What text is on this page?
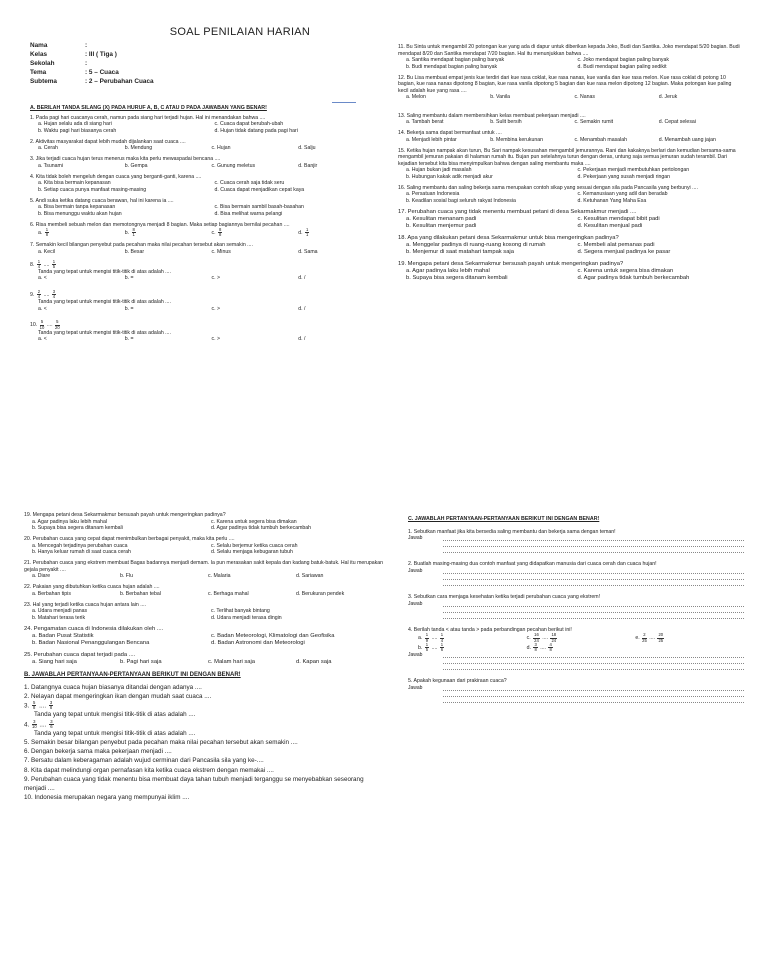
SOAL PENILAIAN HARIAN
Nama	:
Kelas	: III ( Tiga )
Sekolah	:
Tema	: 5 – Cuaca
Subtema	: 2 – Perubahan Cuaca
A. BERILAH TANDA SILANG (X) PADA HURUF A, B, C ATAU D PADA JAWABAN YANG BENAR!
1. Pada pagi hari cuacanya cerah, namun pada siang hari terjadi hujan. Hal ini menandakan bahwa ....
a. Hujan selalu ada di siang hari	c. Cuaca dapat berubah-ubah
b. Waktu pagi hari biasanya cerah	d. Hujan tidak datang pada pagi hari
2. Aktivitas masyarakat dapat lebih mudah dijalankan saat cuaca ....
a. Cerah	b. Mendung	c. Hujan	d. Salju
3. Jika terjadi cuaca hujan terus menerus maka kita perlu mewaspadai bencana ....
a. Tsunami	b. Gempa	c. Gunung meletus	d. Banjir
4. Kita tidak boleh mengeluh dengan cuaca yang berganti-ganti, karena ....
a. Kita bisa bermain kepanasan	c. Cuaca cerah saja tidak seru
b. Setiap cuaca punya manfaat masing-masing	d. Cuaca dapat menjadikan cepat kaya
5. Andi suka ketika datang cuaca berawan, hal ini karena ia ....
a. Bisa bermain tanpa kepanasan	c. Bisa bermain sambil basah-basahan
b. Bisa menunggu waktu akan hujan	d. Bisa melihat warna pelangi
6. Risa membeli sebuah melon dan memotongnya menjadi 8 bagian. Maka setiap bagiannya bernilai pecahan ....
a. $\frac{1}{8}$	b. $\frac{8}{1}$	c. $\frac{8}{8}$	d. $\frac{1}{1}$
7. Semakin kecil bilangan penyebut pada pecahan maka nilai pecahan tersebut akan semakin ....
a. Kecil	b. Besar	c. Minus	d. Sama
8. $\frac{1}{4}$ .... $\frac{1}{5}$
Tanda yang tepat untuk mengisi titik-titik di atas adalah ....
a. <	b. =	c. >	d. /
9. $\frac{2}{4}$ .... $\frac{3}{4}$
Tanda yang tepat untuk mengisi titik-titik di atas adalah ....
a. <	b. =	c. >	d. /
10. $\frac{5}{10}$ .... $\frac{5}{20}$
Tanda yang tepat untuk mengisi titik-titik di atas adalah ....
a. <	b. =	c. >	d. /
11. Bu Sinta untuk mengambil 20 potongan kue yang ada di dapur untuk diberikan kepada Joko, Budi dan Santika. Joko mendapat 5/20 bagian. Budi mendapat 8/20 dan Santika mendapat 7/20 bagian. Hal itu menunjukkan bahwa ....
a. Santika mendapat bagian paling banyak	c. Joko mendapat bagian paling banyak
b. Budi mendapat bagian paling banyak	d. Budi mendapat bagian paling sedikit
12. Bu Lisa membuat empat jenis kue terdiri dari kue rasa coklat, kue rasa nanas, kue vanila dan kue rasa melon. Kue rasa coklat di potong 10 bagian, kue rasa nanas dipotong 8 bagian, kue rasa vanila dipotong 5 bagian dan kue rasa melon dipotong 12 bagian. Maka potongan kue paling kecil adalah kue yang rasa ....
a. Melon	b. Vanila	c. Nanas	d. Jeruk
13. Saling membantu dalam membersihkan kelas membuat pekerjaan menjadi ....
a. Tambah berat	b. Sulit bersih	c. Semakin rumit	d. Cepat selesai
14. Bekerja sama dapat bermanfaat untuk ....
a. Menjadi lebih pintar	b. Membina kerukunan	c. Menambah masalah	d. Menambah uang jajan
15. Ketika hujan nampak akan turun, Bu Sari nampak kesusahan mengambil jemurannya. Rani dan kakaknya berlari dan kemudian bersama-sama mengambil jemuran pakaian di halaman rumah itu. Bujan pun setelahnya turun dengan deras, untung saja semua jemuran sudah terambil. Dari kejadian tersebut kita bisa menyimpulkan bahwa dengan saling membantu maka ....
a. Hujan bukan jadi masalah	c. Pekerjaan menjadi membutuhkan pertolongan
b. Hubungan kakak adik menjadi akur	d. Pekerjaan yang susah menjadi ringan
16. Saling membantu dan saling bekerja sama merupakan contoh sikap yang sesuai dengan sila pada Pancasila yang berbunyi ....
a. Persatuan Indonesia	c. Kemanusiaan yang adil dan beradab
b. Keadilan sosial bagi seluruh rakyat Indonesia	d. Ketuhanan Yang Maha Esa
17. Perubahan cuaca yang tidak menentu membuat petani di desa Sekarmakmur menjadi ....
a. Kesulitan menanam padi	c. Kesulitan mendapat bibit padi
b. Kesulitan menjemur padi	d. Kesulitan menjual padi
18. Apa yang dilakukan petani desa Sekarmakmur untuk bisa mengeringkan padinya?
a. Menggelar padinya di ruang-ruang kosong di rumah	c. Membeli alat pemanas padi
b. Menjemur di saat matahari tampak saja	d. Segera menjual padinya ke pasar
19. Mengapa petani desa Sekarmakmur bersusah payah untuk mengeringkan padinya?
a. Agar padinya laku lebih mahal	c. Karena untuk segera bisa dimakan
b. Supaya bisa segera ditanam kembali	d. Agar padinya tidak tumbuh berkecambah
19. Mengapa petani desa Sekarmakmur bersusah payah untuk mengeringkan padinya?
a. Agar padinya laku lebih mahal	c. Karena untuk segera bisa dimakan
b. Supaya bisa segera ditanam kembali	d. Agar padinya tidak tumbuh berkecambah
20. Perubahan cuaca yang cepat dapat menimbulkan berbagai penyakit, maka kita perlu ....
a. Mencegah terjadinya perubahan cuaca	c. Selalu berjemur ketika cuaca cerah
b. Hanya keluar rumah di saat cuaca cerah	d. Selalu menjaga kebugaran tubuh
21. Perubahan cuaca yang ekstrem membuat Bagas badannya menjadi demam. Ia pun merasakan sakit kepala dan kadang batuk-batuk. Hal itu merupakan gejala penyakit ....
a. Diare	b. Flu	c. Malaria	d. Sariawan
22. Pakaian yang dibutuhkan ketika cuaca hujan adalah ....
a. Berbahan tipis	b. Berbahan tebal	c. Berhaga mahal	d. Berukuran pendek
23. Hal yang terjadi ketika cuaca hujan antara lain ....
a. Udara menjadi panas	c. Terlihat banyak bintang
b. Matahari terasa terik	d. Udara menjadi terasa dingin
24. Pengamatan cuaca di Indonesia dilakukan oleh ....
a. Badan Pusat Statistik	c. Badan Meteorologi, Klimatologi dan Geofisika
b. Badan Nasional Penanggulangan Bencana	d. Badan Astronomi dan Meteorologi
25. Perubahan cuaca dapat terjadi pada ....
a. Siang hari saja	b. Pagi hari saja	c. Malam hari saja	d. Kapan saja
B. JAWABLAH PERTANYAAN-PERTANYAAN BERIKUT INI DENGAN BENAR!
1. Datangnya cuaca hujan biasanya ditandai dengan adanya ....
2. Nelayan dapat mengeringkan ikan dengan mudah saat cuaca ....
3. $\frac{5}{8}$ .... $\frac{3}{8}$
Tanda yang tepat untuk mengisi titik-titik di atas adalah ....
4. $\frac{3}{10}$ .... $\frac{3}{6}$
Tanda yang tepat untuk mengisi titik-titik di atas adalah ....
5. Semakin besar bilangan penyebut pada pecahan maka nilai pecahan tersebut akan semakin ....
6. Dengan bekerja sama maka pekerjaan menjadi ....
7. Bersatu dalam keberagaman adalah wujud cerminan dari Pancasila sila yang ke-....
8. Kita dapat melindungi organ pernafasan kita ketika cuaca ekstrem dengan memakai ....
9. Perubahan cuaca yang tidak menentu bisa membuat daya tahan tubuh menjadi terganggu se menyebabkan seseorang menjadi ....
10. Indonesia merupakan negara yang mempunyai iklim ....
C. JAWABLAH PERTANYAAN-PERTANYAAN BERIKUT INI DENGAN BENAR!
1. Sebutkan manfaat jika kita bersedia saling membantu dan bekerja sama dengan teman!
Jawab
2. Buatlah masing-masing dua contoh manfaat yang didapatkan manusia dari cuaca cerah dan cuaca hujan!
Jawab
3. Sebutkan cara menjaga kesehatan ketika terjadi perubahan cuaca yang ekstrem!
Jawab
4. Berilah tanda < atau tanda > pada perbandingan pecahan berikut ini!
a. $\frac{1}{9}$ .... $\frac{1}{4}$	c. $\frac{16}{24}$ .... $\frac{18}{24}$	e. $\frac{2}{25}$ .... $\frac{20}{25}$
b. $\frac{1}{5}$ .... $\frac{1}{6}$	d. $\frac{3}{8}$ .... $\frac{4}{8}$
Jawab
5. Apakah kegunaan dari prakiraan cuaca?
Jawab
